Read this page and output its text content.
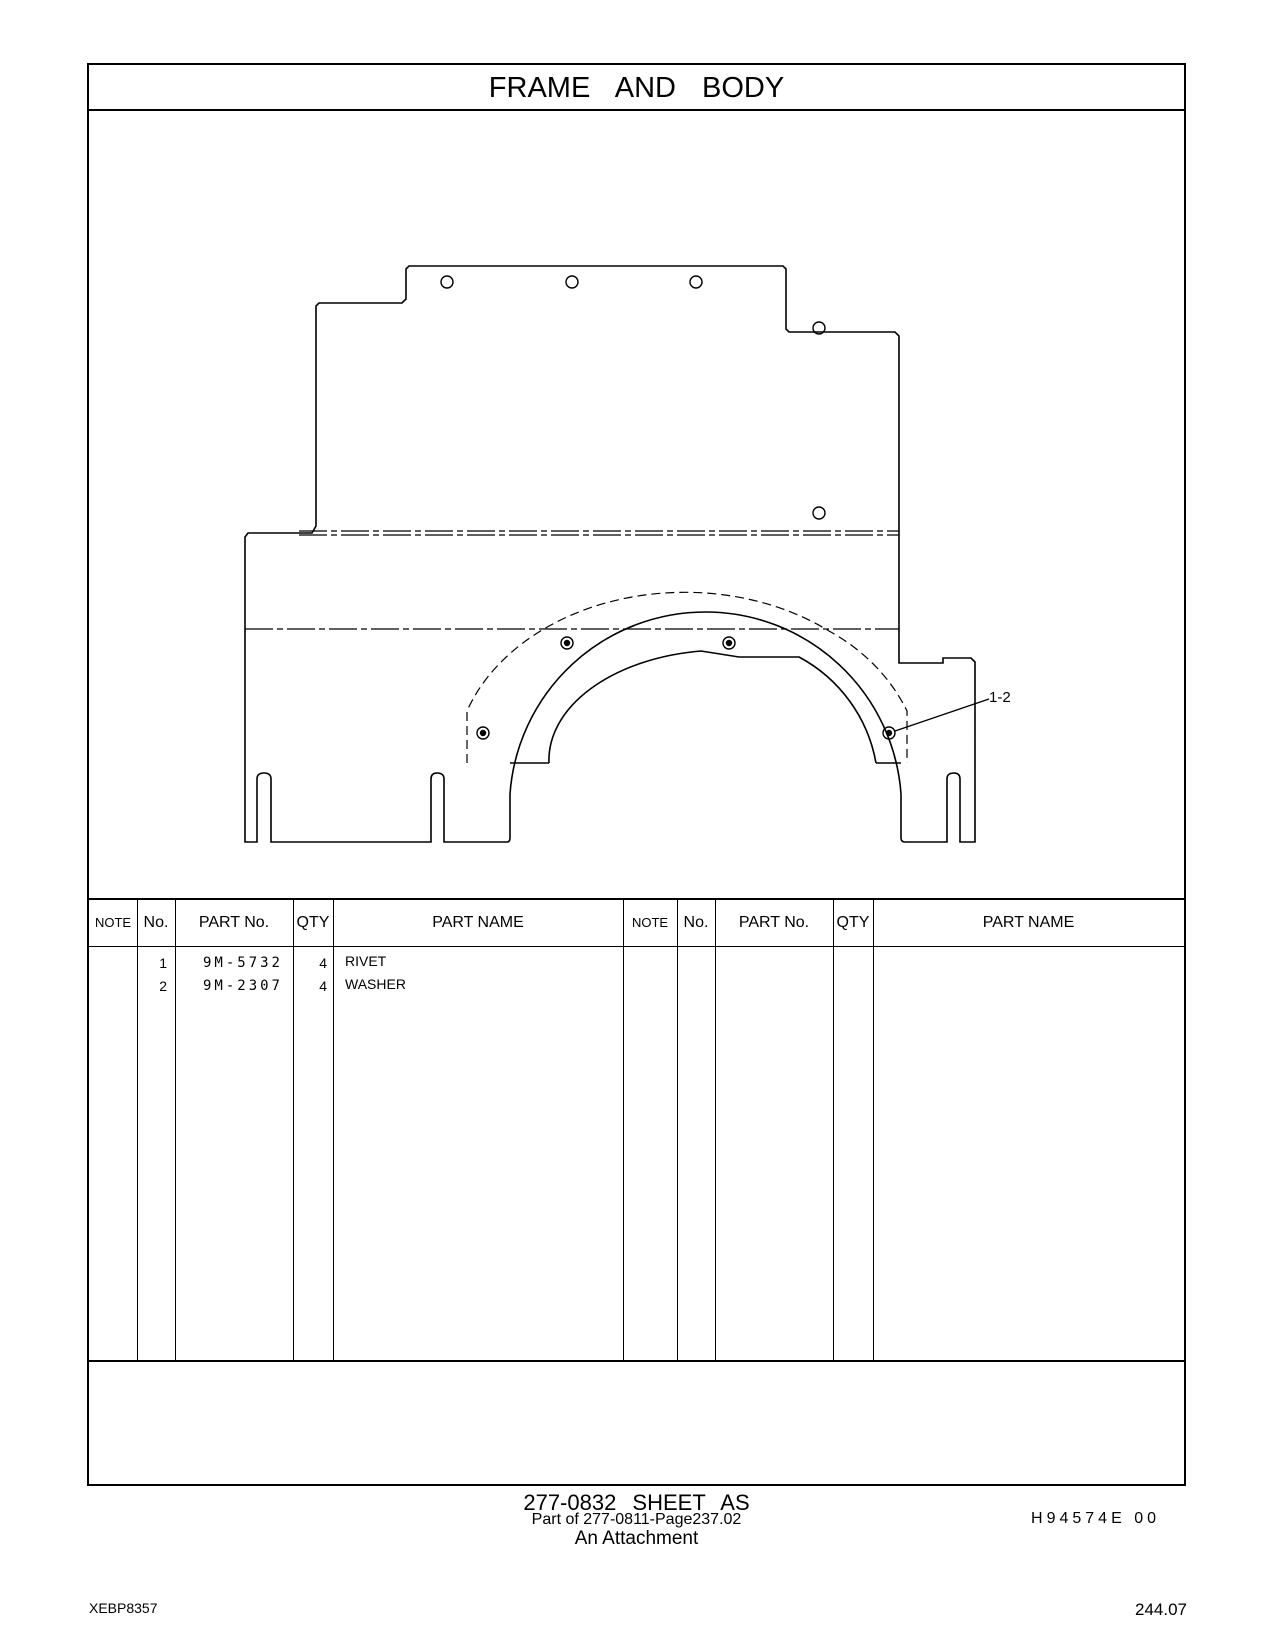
FRAME AND BODY
1-2
NOTE No.	PART No.	QTY	PART NAME	NOTE No.	PART No.	QTY	PART NAME
1	9M-5732	4 RIVET
2	9M-2307	4 WASHER
H94574E 00
277-0832 SHEET AS
Part of 277-0811-Page237.02
An Attachment
XEBP8357	244.07
